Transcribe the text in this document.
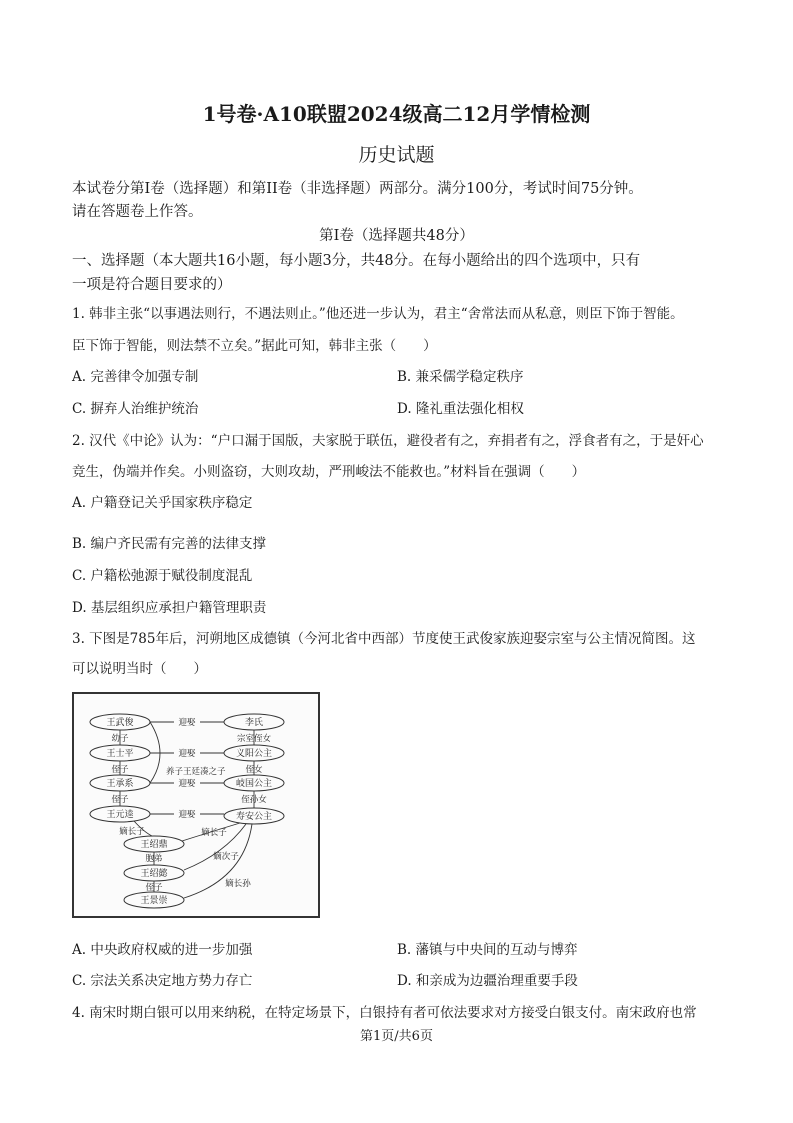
1号卷·A10联盟2024级高二12月学情检测
历史试题
本试卷分第I卷（选择题）和第II卷（非选择题）两部分。满分100分，考试时间75分钟。
请在答题卷上作答。
第I卷（选择题共48分）
一、选择题（本大题共16小题，每小题3分，共48分。在每小题给出的四个选项中，只有
一项是符合题目要求的）
1. 韩非主张“以事遇法则行，不遇法则止。”他还进一步认为，君主“舍常法而从私意，则臣下饰于智能。
臣下饰于智能，则法禁不立矣。”据此可知，韩非主张（　　）
A. 完善律令加强专制	B. 兼采儒学稳定秩序
C. 摒弃人治维护统治	D. 隆礼重法强化相权
2. 汉代《中论》认为：“户口漏于国版，夫家脱于联伍，避役者有之，弃捐者有之，浮食者有之，于是奸心
竞生，伪端并作矣。小则盗窃，大则攻劫，严刑峻法不能救也。”材料旨在强调（　　）
A. 户籍登记关乎国家秩序稳定
B. 编户齐民需有完善的法律支撑
C. 户籍松弛源于赋役制度混乱
D. 基层组织应承担户籍管理职责
3. 下图是785年后，河朔地区成德镇（今河北省中西部）节度使王武俊家族迎娶宗室与公主情况简图。这
可以说明当时（　　）
王武俊
王士平
王承系
王元逵
王绍鼎
王绍懿
王景崇
李氏
义阳公主
岐国公主
寿安公主
迎娶
迎娶
迎娶
迎娶
幼子
侄子	养子王廷凑之子
侄子
嫡长子
胞弟
侄子
宗室侄女
侄女
侄孙女
嫡长子
嫡次子
嫡长孙
A. 中央政府权威的进一步加强	B. 藩镇与中央间的互动与博弈
C. 宗法关系决定地方势力存亡	D. 和亲成为边疆治理重要手段
4. 南宋时期白银可以用来纳税，在特定场景下，白银持有者可依法要求对方接受白银支付。南宋政府也常
第1页/共6页
